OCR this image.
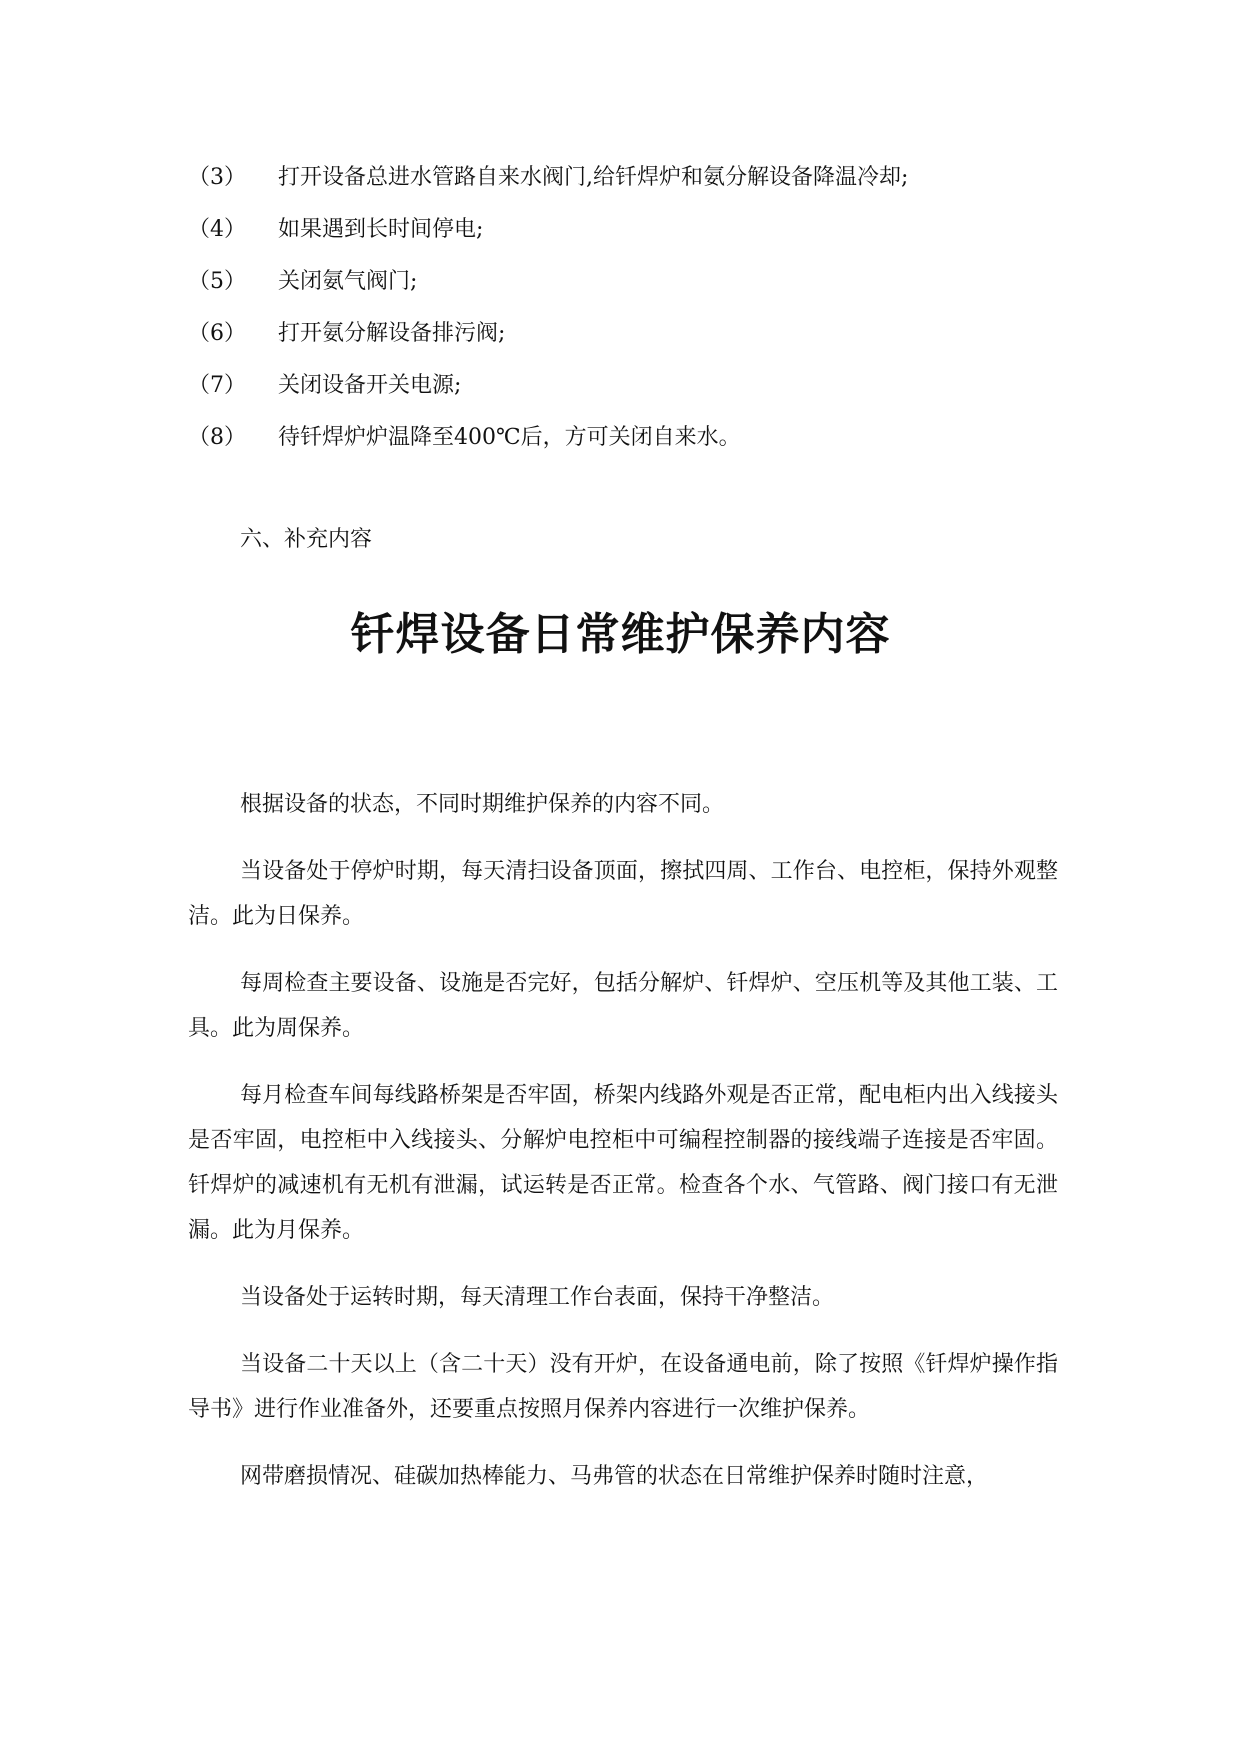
（3） 打开设备总进水管路自来水阀门,给钎焊炉和氨分解设备降温冷却;
（4） 如果遇到长时间停电;
（5） 关闭氨气阀门;
（6） 打开氨分解设备排污阀;
（7） 关闭设备开关电源;
（8） 待钎焊炉炉温降至400℃后，方可关闭自来水。
六、补充内容
钎焊设备日常维护保养内容

根据设备的状态，不同时期维护保养的内容不同。

当设备处于停炉时期，每天清扫设备顶面，擦拭四周、工作台、电控柜，保持外观整洁。此为日保养。

每周检查主要设备、设施是否完好，包括分解炉、钎焊炉、空压机等及其他工装、工具。此为周保养。

每月检查车间每线路桥架是否牢固，桥架内线路外观是否正常，配电柜内出入线接头是否牢固，电控柜中入线接头、分解炉电控柜中可编程控制器的接线端子连接是否牢固。钎焊炉的减速机有无机有泄漏，试运转是否正常。检查各个水、气管路、阀门接口有无泄漏。此为月保养。

当设备处于运转时期，每天清理工作台表面，保持干净整洁。

当设备二十天以上（含二十天）没有开炉，在设备通电前，除了按照《钎焊炉操作指导书》进行作业准备外，还要重点按照月保养内容进行一次维护保养。

网带磨损情况、硅碳加热棒能力、马弗管的状态在日常维护保养时随时注意，
